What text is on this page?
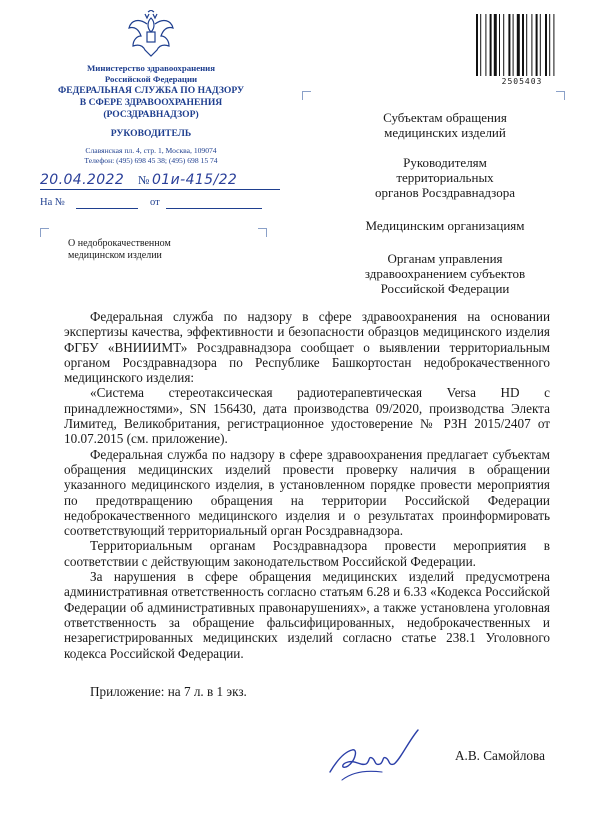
Министерство здравоохранения
Российской Федерации
ФЕДЕРАЛЬНАЯ СЛУЖБА ПО НАДЗОРУ
В СФЕРЕ ЗДРАВООХРАНЕНИЯ
(РОСЗДРАВНАДЗОР)
РУКОВОДИТЕЛЬ
Славянская пл. 4, стр. 1, Москва, 109074
Телефон: (495) 698 45 38; (495) 698 15 74
20.04.2022 № 01и-415/22
На №	от
О недоброкачественном
медицинском изделии
2505403
Субъектам обращения
медицинских изделий
Руководителям
территориальных
органов Росздравнадзора
Медицинским организациям
Органам управления
здравоохранением субъектов
Российской Федерации

Федеральная служба по надзору в сфере здравоохранения на основании экспертизы качества, эффективности и безопасности образцов медицинского изделия ФГБУ «ВНИИИМТ» Росздравнадзора сообщает о выявлении территориальным органом Росздравнадзора по Республике Башкортостан недоброкачественного медицинского изделия:

«Система стереотаксическая радиотерапевтическая Versa HD с принадлежностями», SN 156430, дата производства 09/2020, производства Электа Лимитед, Великобритания, регистрационное удостоверение № РЗН 2015/2407 от 10.07.2015 (см. приложение).

Федеральная служба по надзору в сфере здравоохранения предлагает субъектам обращения медицинских изделий провести проверку наличия в обращении указанного медицинского изделия, в установленном порядке провести мероприятия по предотвращению обращения на территории Российской Федерации недоброкачественного медицинского изделия и о результатах проинформировать соответствующий территориальный орган Росздравнадзора.

Территориальным органам Росздравнадзора провести мероприятия в соответствии с действующим законодательством Российской Федерации.

За нарушения в сфере обращения медицинских изделий предусмотрена административная ответственность согласно статьям 6.28 и 6.33 «Кодекса Российской Федерации об административных правонарушениях», а также установлена уголовная ответственность за обращение фальсифицированных, недоброкачественных и незарегистрированных медицинских изделий согласно статье 238.1 Уголовного кодекса Российской Федерации.

Приложение: на 7 л. в 1 экз.
А.В. Самойлова
